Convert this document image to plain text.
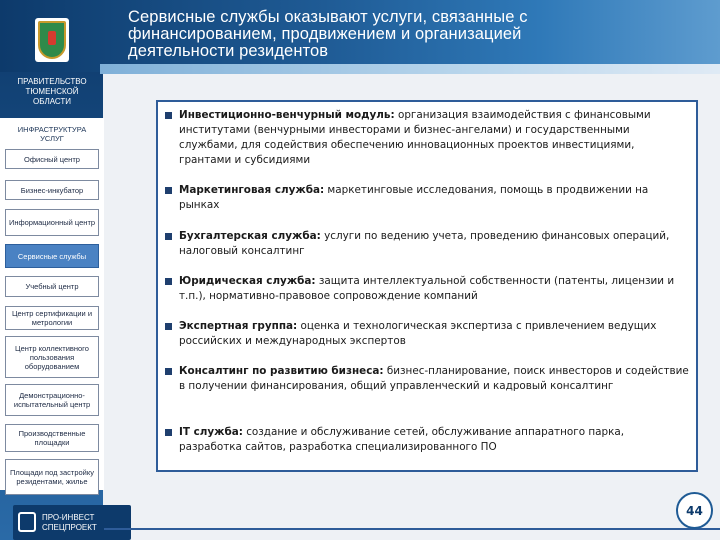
Сервисные службы оказывают услуги, связанные с
финансированием, продвижением и организацией
деятельности резидентов
ПРАВИТЕЛЬСТВО
ТЮМЕНСКОЙ
ОБЛАСТИ
ИНФРАСТРУКТУРА
УСЛУГ
Офисный центр
Бизнес-инкубатор
Информационный центр
Сервисные службы
Учебный центр
Центр сертификации и метрологии
Центр коллективного пользования оборудованием
Демонстрационно-испытательный центр
Производственные площадки
Площади под застройку резидентами, жилье
ПРО-ИНВЕСТ
СПЕЦПРОЕКТ
Инвестиционно-венчурный модуль: организация взаимодействия с финансовыми институтами (венчурными инвесторами и бизнес-ангелами) и государственными службами, для содействия обеспечению инновационных проектов инвестициями, грантами и субсидиями
Маркетинговая служба: маркетинговые исследования, помощь в продвижении на рынках
Бухгалтерская служба: услуги по ведению учета, проведению финансовых операций, налоговый консалтинг
Юридическая служба: защита интеллектуальной собственности (патенты, лицензии и т.п.), нормативно-правовое сопровождение компаний
Экспертная группа: оценка и технологическая экспертиза с привлечением ведущих российских и международных экспертов
Консалтинг по развитию бизнеса: бизнес-планирование, поиск инвесторов и содействие в получении финансирования, общий управленческий и кадровый консалтинг
IT служба: создание и обслуживание сетей, обслуживание аппаратного парка, разработка сайтов, разработка специализированного ПО
44
